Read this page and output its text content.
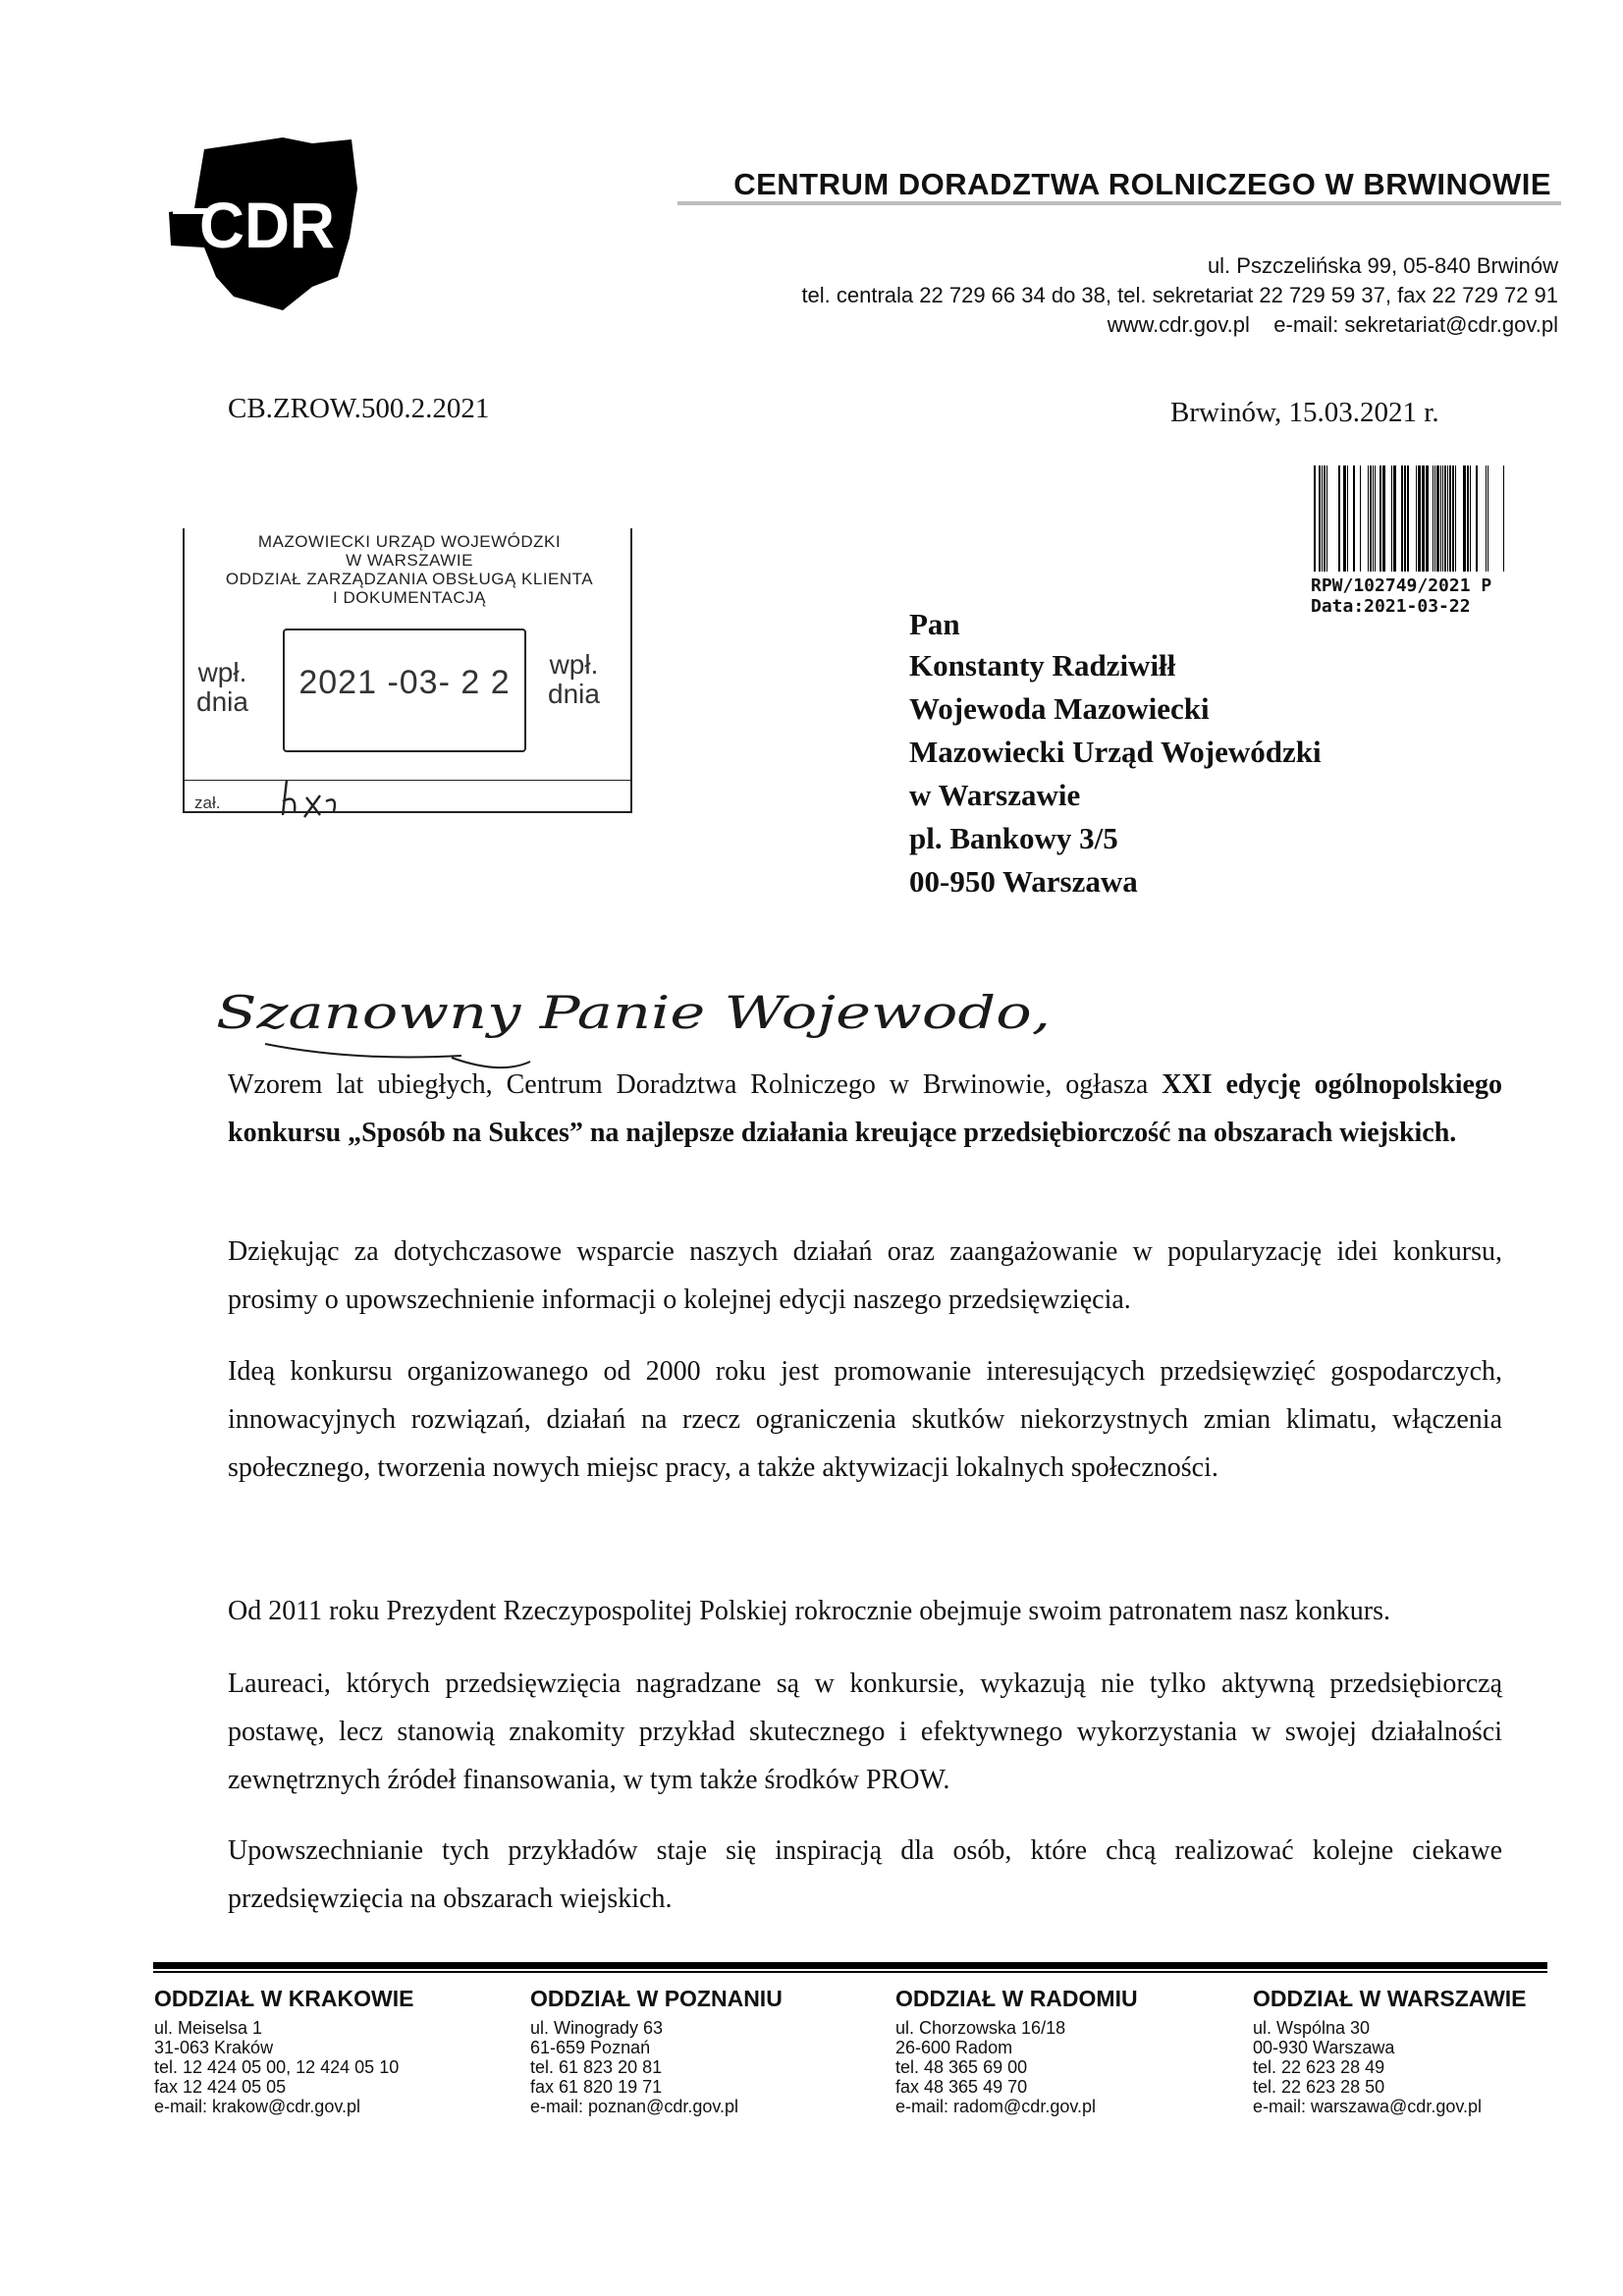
CDR
CENTRUM DORADZTWA ROLNICZEGO W BRWINOWIE
ul. Pszczelińska 99, 05-840 Brwinów
tel. centrala 22 729 66 34 do 38, tel. sekretariat 22 729 59 37, fax 22 729 72 91
www.cdr.gov.pl e-mail: sekretariat@cdr.gov.pl
CB.ZROW.500.2.2021	Brwinów, 15.03.2021 r.
RPW/102749/2021 P
Data:2021-03-22
MAZOWIECKI URZĄD WOJEWÓDZKI
W WARSZAWIE
ODDZIAŁ ZARZĄDZANIA OBSŁUGĄ KLIENTA
I DOKUMENTACJĄ
wpł.
dnia
2021 -03- 2 2	wpł.
dnia
zał.
Pan
Konstanty Radziwiłł
Wojewoda Mazowiecki
Mazowiecki Urząd Wojewódzki
w Warszawie
pl. Bankowy 3/5
00-950 Warszawa
Szanowny Panie Wojewodo,
Wzorem lat ubiegłych, Centrum Doradztwa Rolniczego w Brwinowie, ogłasza XXI edycję ogólnopolskiego konkursu „Sposób na Sukces” na najlepsze działania kreujące przedsiębiorczość na obszarach wiejskich.
Dziękując za dotychczasowe wsparcie naszych działań oraz zaangażowanie w popularyzację idei konkursu, prosimy o upowszechnienie informacji o kolejnej edycji naszego przedsięwzięcia.
Ideą konkursu organizowanego od 2000 roku jest promowanie interesujących przedsięwzięć gospodarczych, innowacyjnych rozwiązań, działań na rzecz ograniczenia skutków niekorzystnych zmian klimatu, włączenia społecznego, tworzenia nowych miejsc pracy, a także aktywizacji lokalnych społeczności.
Od 2011 roku Prezydent Rzeczypospolitej Polskiej rokrocznie obejmuje swoim patronatem nasz konkurs.
Laureaci, których przedsięwzięcia nagradzane są w konkursie, wykazują nie tylko aktywną przedsiębiorczą postawę, lecz stanowią znakomity przykład skutecznego i efektywnego wykorzystania w swojej działalności zewnętrznych źródeł finansowania, w tym także środków PROW.
Upowszechnianie tych przykładów staje się inspiracją dla osób, które chcą realizować kolejne ciekawe przedsięwzięcia na obszarach wiejskich.
ODDZIAŁ W KRAKOWIE
ul. Meiselsa 1
31-063 Kraków
tel. 12 424 05 00, 12 424 05 10
fax 12 424 05 05
e-mail: krakow@cdr.gov.pl
ODDZIAŁ W POZNANIU
ul. Winogrady 63
61-659 Poznań
tel. 61 823 20 81
fax 61 820 19 71
e-mail: poznan@cdr.gov.pl
ODDZIAŁ W RADOMIU
ul. Chorzowska 16/18
26-600 Radom
tel. 48 365 69 00
fax 48 365 49 70
e-mail: radom@cdr.gov.pl
ODDZIAŁ W WARSZAWIE
ul. Wspólna 30
00-930 Warszawa
tel. 22 623 28 49
tel. 22 623 28 50
e-mail: warszawa@cdr.gov.pl
